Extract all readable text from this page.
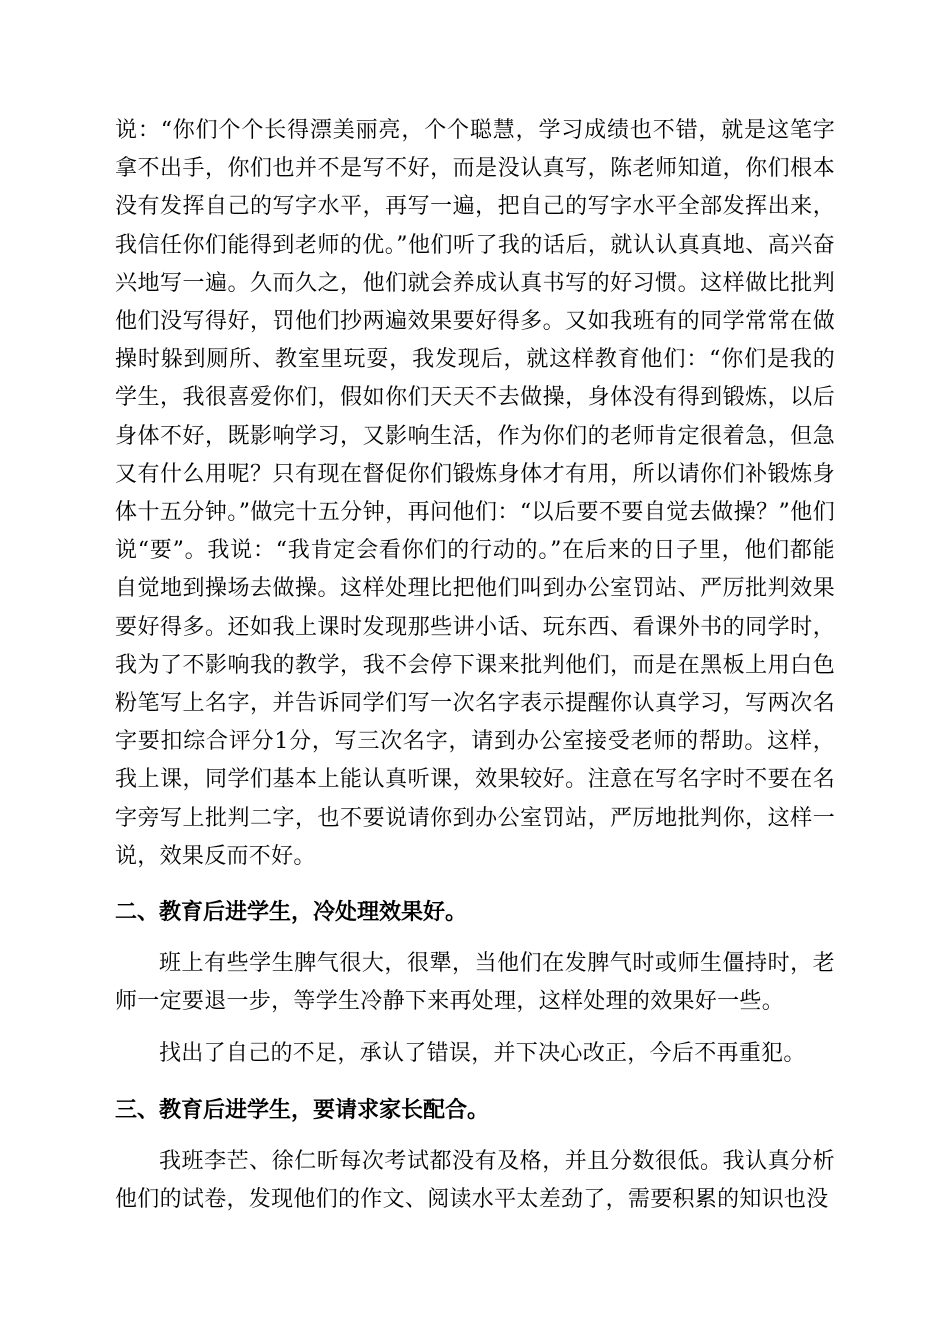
说：“你们个个长得漂美丽亮，个个聪慧，学习成绩也不错，就是这笔字拿不出手，你们也并不是写不好，而是没认真写，陈老师知道，你们根本没有发挥自己的写字水平，再写一遍，把自己的写字水平全部发挥出来，我信任你们能得到老师的优。”他们听了我的话后，就认认真真地、高兴奋兴地写一遍。久而久之，他们就会养成认真书写的好习惯。这样做比批判他们没写得好，罚他们抄两遍效果要好得多。又如我班有的同学常常在做操时躲到厕所、教室里玩耍，我发现后，就这样教育他们：“你们是我的学生，我很喜爱你们，假如你们天天不去做操，身体没有得到锻炼，以后身体不好，既影响学习，又影响生活，作为你们的老师肯定很着急，但急又有什么用呢？只有现在督促你们锻炼身体才有用，所以请你们补锻炼身体十五分钟。”做完十五分钟，再问他们：“以后要不要自觉去做操？”他们说“要”。我说：“我肯定会看你们的行动的。”在后来的日子里，他们都能自觉地到操场去做操。这样处理比把他们叫到办公室罚站、严厉批判效果要好得多。还如我上课时发现那些讲小话、玩东西、看课外书的同学时，我为了不影响我的教学，我不会停下课来批判他们，而是在黑板上用白色粉笔写上名字，并告诉同学们写一次名字表示提醒你认真学习，写两次名字要扣综合评分1分，写三次名字，请到办公室接受老师的帮助。这样，我上课，同学们基本上能认真听课，效果较好。注意在写名字时不要在名字旁写上批判二字，也不要说请你到办公室罚站，严厉地批判你，这样一说，效果反而不好。

二、教育后进学生，冷处理效果好。

班上有些学生脾气很大，很犟，当他们在发脾气时或师生僵持时，老师一定要退一步，等学生冷静下来再处理，这样处理的效果好一些。

找出了自己的不足，承认了错误，并下决心改正，今后不再重犯。

三、教育后进学生，要请求家长配合。

我班李芒、徐仁昕每次考试都没有及格，并且分数很低。我认真分析他们的试卷，发现他们的作文、阅读水平太差劲了，需要积累的知识也没
